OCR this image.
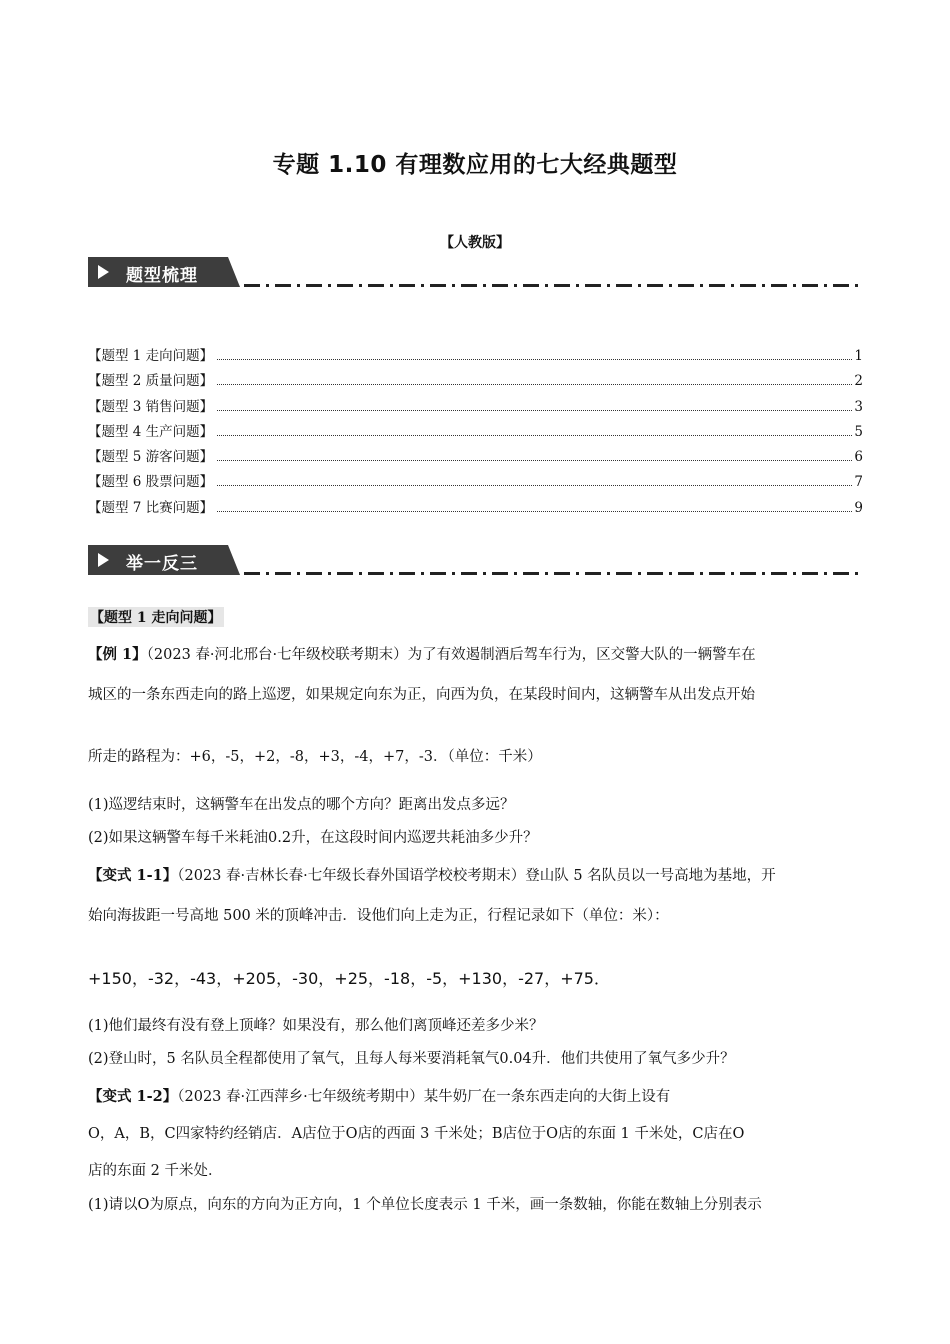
专题 1.10 有理数应用的七大经典题型
【人教版】
题型梳理
【题型 1 走向问题】	1
【题型 2 质量问题】	2
【题型 3 销售问题】	3
【题型 4 生产问题】	5
【题型 5 游客问题】	6
【题型 6 股票问题】	7
【题型 7 比赛问题】	9
举一反三
【题型 1 走向问题】
【例 1】（2023 春·河北邢台·七年级校联考期末）为了有效遏制酒后驾车行为，区交警大队的一辆警车在
城区的一条东西走向的路上巡逻，如果规定向东为正，向西为负，在某段时间内，这辆警车从出发点开始
所走的路程为：+6，-5，+2，-8，+3，-4，+7，-3．（单位：千米）
(1)巡逻结束时，这辆警车在出发点的哪个方向？距离出发点多远？
(2)如果这辆警车每千米耗油0.2升，在这段时间内巡逻共耗油多少升？
【变式 1-1】（2023 春·吉林长春·七年级长春外国语学校校考期末）登山队 5 名队员以一号高地为基地，开
始向海拔距一号高地 500 米的顶峰冲击．设他们向上走为正，行程记录如下（单位：米）：
+150，-32，-43，+205，-30，+25，-18，-5，+130，-27，+75．
(1)他们最终有没有登上顶峰？如果没有，那么他们离顶峰还差多少米？
(2)登山时，5 名队员全程都使用了氧气，且每人每米要消耗氧气0.04升．他们共使用了氧气多少升？
【变式 1-2】（2023 春·江西萍乡·七年级统考期中）某牛奶厂在一条东西走向的大街上设有
O，A，B，C四家特约经销店．A店位于O店的西面 3 千米处；B店位于O店的东面 1 千米处，C店在O
店的东面 2 千米处．
(1)请以O为原点，向东的方向为正方向，1 个单位长度表示 1 千米，画一条数轴，你能在数轴上分别表示
